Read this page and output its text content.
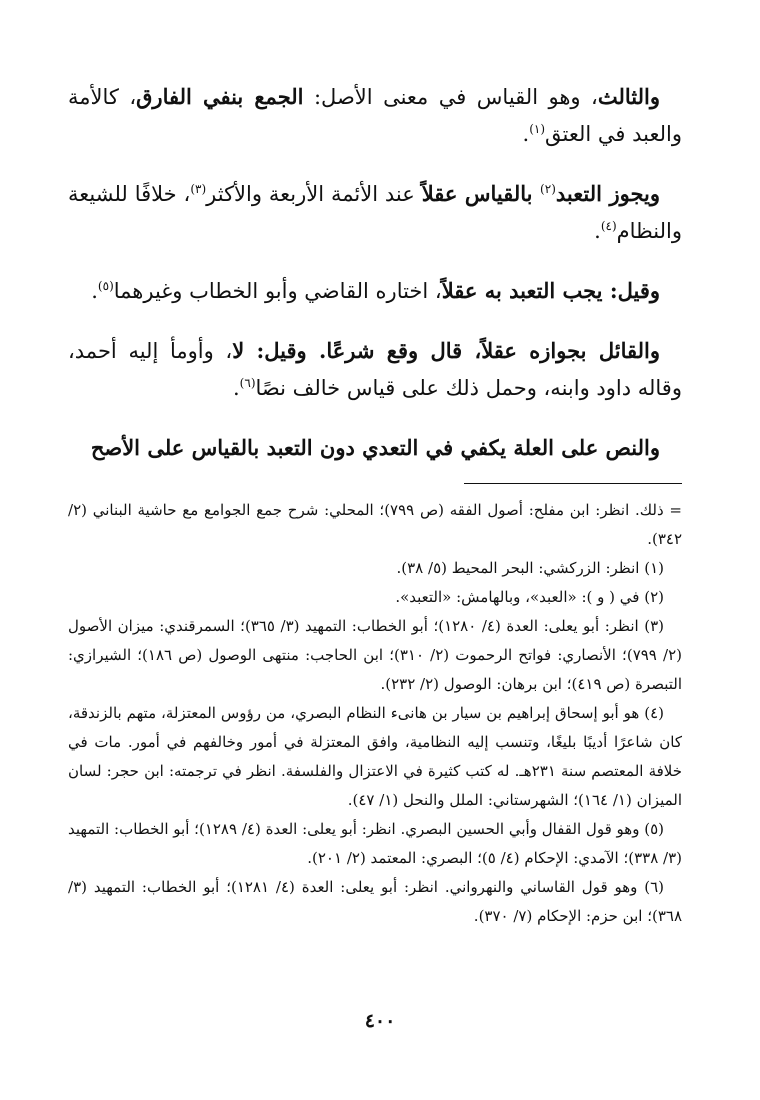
والثالث، وهو القياس في معنى الأصل: الجمع بنفي الفارق، كالأمة والعبد في العتق$^{(١)}$.

ويجوز التعبد$^{(٢)}$ بالقياس عقلاً عند الأئمة الأربعة والأكثر$^{(٣)}$، خلافًا للشيعة والنظام$^{(٤)}$.

وقيل: يجب التعبد به عقلاً، اختاره القاضي وأبو الخطاب وغيرهما$^{(٥)}$.

والقائل بجوازه عقلاً، قال وقع شرعًا. وقيل: لا، وأومأ إليه أحمد، وقاله داود وابنه، وحمل ذلك على قياس خالف نصًا$^{(٦)}$.

والنص على العلة يكفي في التعدي دون التعبد بالقياس على الأصح

= ذلك. انظر: ابن مفلح: أصول الفقه (ص ٧٩٩)؛ المحلي: شرح جمع الجوامع مع حاشية البناني (٢/ ٣٤٢).

(١) انظر: الزركشي: البحر المحيط (٥/ ٣٨).

(٢) في ( و ): «العبد»، وبالهامش: «التعبد».

(٣) انظر: أبو يعلى: العدة (٤/ ١٢٨٠)؛ أبو الخطاب: التمهيد (٣/ ٣٦٥)؛ السمرقندي: ميزان الأصول (٢/ ٧٩٩)؛ الأنصاري: فواتح الرحموت (٢/ ٣١٠)؛ ابن الحاجب: منتهى الوصول (ص ١٨٦)؛ الشيرازي: التبصرة (ص ٤١٩)؛ ابن برهان: الوصول (٢/ ٢٣٢).

(٤) هو أبو إسحاق إبراهيم بن سيار بن هانىء النظام البصري، من رؤوس المعتزلة، متهم بالزندقة، كان شاعرًا أديبًا بليغًا، وتنسب إليه النظامية، وافق المعتزلة في أمور وخالفهم في أمور. مات في خلافة المعتصم سنة ٢٣١هـ. له كتب كثيرة في الاعتزال والفلسفة. انظر في ترجمته: ابن حجر: لسان الميزان (١/ ١٦٤)؛ الشهرستاني: الملل والنحل (١/ ٤٧).

(٥) وهو قول القفال وأبي الحسين البصري. انظر: أبو يعلى: العدة (٤/ ١٢٨٩)؛ أبو الخطاب: التمهيد (٣/ ٣٣٨)؛ الآمدي: الإحكام (٤/ ٥)؛ البصري: المعتمد (٢/ ٢٠١).

(٦) وهو قول القاساني والنهرواني. انظر: أبو يعلى: العدة (٤/ ١٢٨١)؛ أبو الخطاب: التمهيد (٣/ ٣٦٨)؛ ابن حزم: الإحكام (٧/ ٣٧٠).

٤٠٠
